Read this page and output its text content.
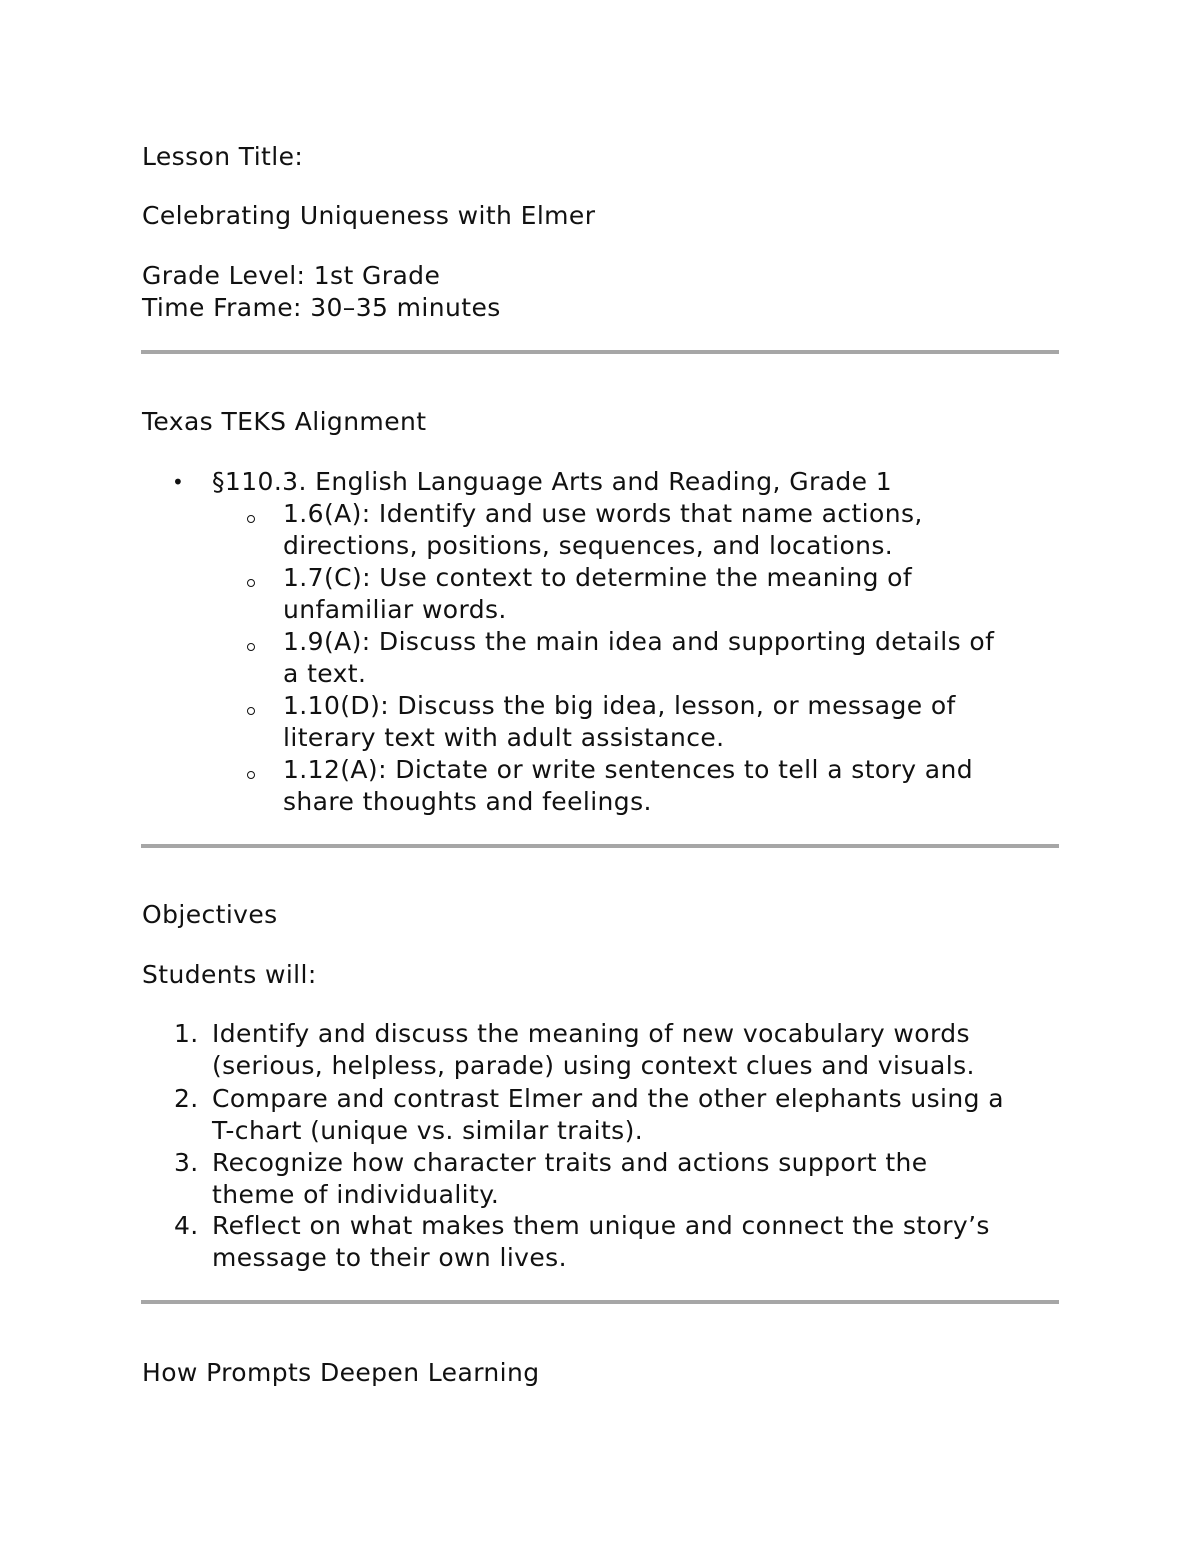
Lesson Title:

Celebrating Uniqueness with Elmer

Grade Level: 1st Grade

Time Frame: 30–35 minutes

Texas TEKS Alignment

• §110.3. English Language Arts and Reading, Grade 1

1.6(A): Identify and use words that name actions,

directions, positions, sequences, and locations.

1.7(C): Use context to determine the meaning of

unfamiliar words.

1.9(A): Discuss the main idea and supporting details of

a text.

1.10(D): Discuss the big idea, lesson, or message of

literary text with adult assistance.

1.12(A): Dictate or write sentences to tell a story and

share thoughts and feelings.

Objectives

Students will:

1. Identify and discuss the meaning of new vocabulary words

(serious, helpless, parade) using context clues and visuals.

2. Compare and contrast Elmer and the other elephants using a

T-chart (unique vs. similar traits).

3. Recognize how character traits and actions support the

theme of individuality.

4. Reflect on what makes them unique and connect the story’s

message to their own lives.

How Prompts Deepen Learning
